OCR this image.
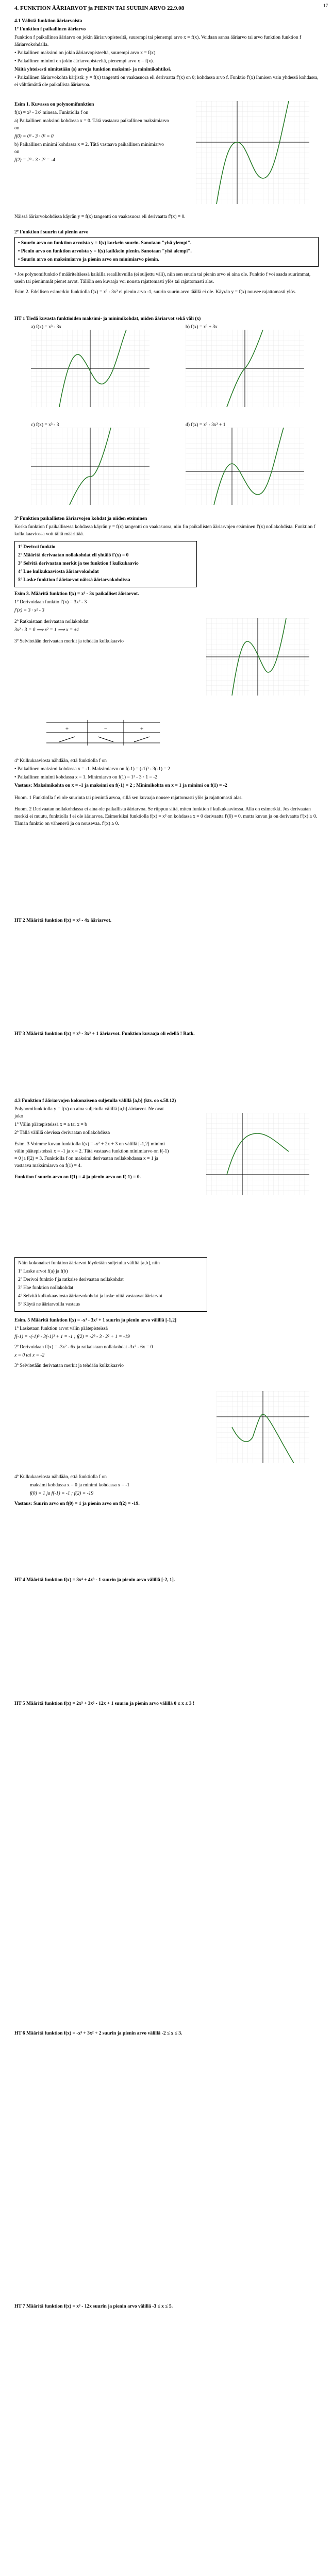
17
4. FUNKTION ÄÄRIARVOT ja PIENIN TAI SUURIN ARVO 22.9.08

4.1 Välistä funktion ääriarvoista

1º Funktion f paikallinen ääriarvo

Funktion f paikallinen ääriarvo on jokin ääriarvopisteeltä, suurempi tai pienempi arvo x = f(x). Voidaan sanoa ääriarvo tai arvo funktion funktion f ääriarvokohdalla.

• Paikallinen maksimi on jokin ääriarvopisteeltä, suurempi arvo x = f(x).

• Paikallinen minimi on jokin ääriarvopisteeltä, pienempi arvo x = f(x).

Näitä yhteisesti nimitetään (s) arvoja funktion maksimi- ja minimikohtiksi.

• Paikallinen ääriarvokohta kärjistä: y = f(x) tangentti on vaakasuora eli derivaatta f'(x) on 0; kohdassa arvo f. Funktio f'(x) ihmisen vain yhdessä kohdassa, ei välttämättä ole paikallista ääriarvoa.

Esim 1. Kuvassa on polynomifunktion

f(x) = x³ - 3x² mineaa. Funktiolla f on

a) Paikallinen maksimi kohdassa x = 0. Tätä vastaava paikallinen maksimiarvo on

f(0) = 0³ - 3 · 0² = 0

b) Paikallinen minimi kohdassa x = 2. Tätä vastaava paikallinen minimiarvo on

f(2) = 2³ - 3 · 2² = -4

Näissä ääriarvokohdissa käyrän y = f(x) tangentti on vaakasuora eli derivaatta f'(x) = 0.

2º Funktion f suurin tai pienin arvo

• Suurin arvo on funktion arvoista y = f(x) korkein suurin. Sanotaan "yhä ylempi".

• Pienin arvo on funktion arvoista y = f(x) kaikkein pienin. Sanotaan "yhä alempi".

• Suurin arvo on maksimiarvo ja pienin arvo on minimiarvo pienin.

• Jos polynomifunktio f määriteltäessä kaikilla reaaliluvuilla (ei suljettu väli), niin sen suurin tai pienin arvo ei aina ole. Funktio f voi saada suurimmat, usein tai pienimmät pienet arvot. Tällöin sen kuvaaja voi nousta rajattomasti ylös tai rajattomasti alas.

Esim 2. Edellisen esimerkin funktiolla f(x) = x³ - 3x² ei pienin arvo -1, suurin suurin arvo täällä ei ole. Käyrän y = f(x) nousee rajattomasti ylös.

HT 1 Tiedä kuvasta funktioiden maksimi- ja minimikohdat, niiden ääriarvot sekä väli (x)

a) f(x) = x³ - 3x	b) f(x) = x³ + 3x
c) f(x) = x³ - 3	d) f(x) = x³ - 3x² + 1

3º Funktion paikallisten ääriarvojen kohdat ja niiden etsiminen

Koska funktion f paikallisessa kohdassa käyrän y = f(x) tangentti on vaakasuora, niin f:n paikallisten ääriarvojen etsiminen f'(x) nollakohdista. Funktion f kulkukaaviossa voit tältä määrittää.

1º Derivoi funktio

2º Määritä derivaatan nollakohdat eli yhtälö f'(x) = 0

3º Selvitä derivaatan merkit ja tee funktion f kulkukaavio

4º Lue kulkukaaviosta ääriarvokohdat

5º Laske funktion f ääriarvot näissä ääriarvokohdissa

Esim 3. Määritä funktion f(x) = x³ - 3x paikalliset ääriarvot.

1º Derivoidaan funktio f'(x) = 3x² - 3

f'(x) = 3 · x² - 3

2º Ratkaistaan derivaatan nollakohdat

3x² - 3 = 0 ⟹ x² = 1 ⟹ x = ±1

3º Selvitetään derivaatan merkit ja tehdään kulkukaavio

+	−	+

4º Kulkukaaviosta nähdään, että funktiolla f on

• Paikallinen maksimi kohdassa x = -1. Maksimiarvo on f(-1) = (-1)³ - 3(-1) = 2

• Paikallinen minimi kohdassa x = 1. Minimiarvo on f(1) = 1³ - 3 · 1 = -2

Vastaus: Maksimikohta on x = -1 ja maksimi on f(-1) = 2 ; Minimikohta on x = 1 ja minimi on f(1) = -2

Huom. 1 Funktiolla f ei ole suurinta tai pienintä arvoa, sillä sen kuvaaja nousee rajattomasti ylös ja rajattomasti alas.

Huom. 2 Derivaatan nollakohdassa ei aina ole paikallista ääriarvoa. Se riippuu siitä, miten funktion f kulkukaaviossa. Alla on esimerkki. Jos derivaatan merkki ei muutu, funktiolla f ei ole ääriarvoa. Esimerkiksi funktiolla f(x) = x³ on kohdassa x = 0 derivaatta f'(0) = 0, mutta kuvan ja on derivaatta f'(x) ≥ 0. Tämän funktio on vähenevä ja on nousevaa. f'(x) ≥ 0.

HT 2 Määritä funktion f(x) = x² - 4x ääriarvot.

HT 3 Määritä funktion f(x) = x³ - 3x² + 1 ääriarvot. Funktion kuvaaja oli edellä ! Ratk.

4.3 Funktion f ääriarvojen kokonaisena suljetulla välillä [a,b] (kts. oo s.58.12)

Polynomifunktiolla y = f(x) on aina suljetulla välillä [a,b] ääriarvot. Ne ovat joko

1º Välin päätepisteissä x = a tai x = b

2º Tällä välillä olevissa derivaatan nollakohdissa

Esim. 3 Voimme kuvan funktiolla f(x) = -x² + 2x + 3 on välillä [-1,2] minimi välin päätepisteissä x = -1 ja x = 2. Tätä vastaava funktion minimiarvo on f(-1) = 0 ja f(2) = 3. Funktiolla f on maksimi derivaatan nollakohdassa x = 1 ja vastaava maksimiarvo on f(1) = 4.

Funktion f suurin arvo on f(1) = 4 ja pienin arvo on f(-1) = 0.

Näin kokonaiset funktion ääriarvot löydetään suljetulta väliltä [a,b], niin

1º Laske arvot f(a) ja f(b)

2º Derivoi funktio f ja ratkaise derivaatan nollakohdat

3º Hae funktion nollakohdat

4º Selvitä kulkukaaviosta ääriarvokohdat ja laske niitä vastaavat ääriarvot

5º Käytä ne ääriarvoilla vastaus

Esim. 5 Määritä funktion f(x) = -x³ - 3x² + 1 suurin ja pienin arvo välillä [-1,2]

1º Lasketaan funktion arvot välin päätepisteissä

f(-1) = -(-1)³ - 3(-1)² + 1 = -1 ; f(2) = -2³ - 3 · 2² + 1 = -19

2º Derivoidaan f'(x) = -3x² - 6x ja ratkaistaan nollakohdat -3x² - 6x = 0

x = 0 tai x = -2

3º Selvitetään derivaatan merkit ja tehdään kulkukaavio

4º Kulkukaaviosta nähdään, että funktiolla f on

maksimi kohdassa x = 0 ja minimi kohdassa x = -1

f(0) = 1 ja f(-1) = -1 ; f(2) = -19

Vastaus: Suurin arvo on f(0) = 1 ja pienin arvo on f(2) = -19.

HT 4 Määritä funktion f(x) = 3x⁴ + 4x³ - 1 suurin ja pienin arvo välillä [-2, 1].

HT 5 Määritä funktion f(x) = 2x³ + 3x² - 12x + 1 suurin ja pienin arvo välillä 0 ≤ x ≤ 3 !

HT 6 Määritä funktion f(x) = -x³ + 3x² + 2 suurin ja pienin arvo välillä -2 ≤ x ≤ 3.

HT 7 Määritä funktion f(x) = x³ - 12x suurin ja pienin arvo välillä -3 ≤ x ≤ 5.
